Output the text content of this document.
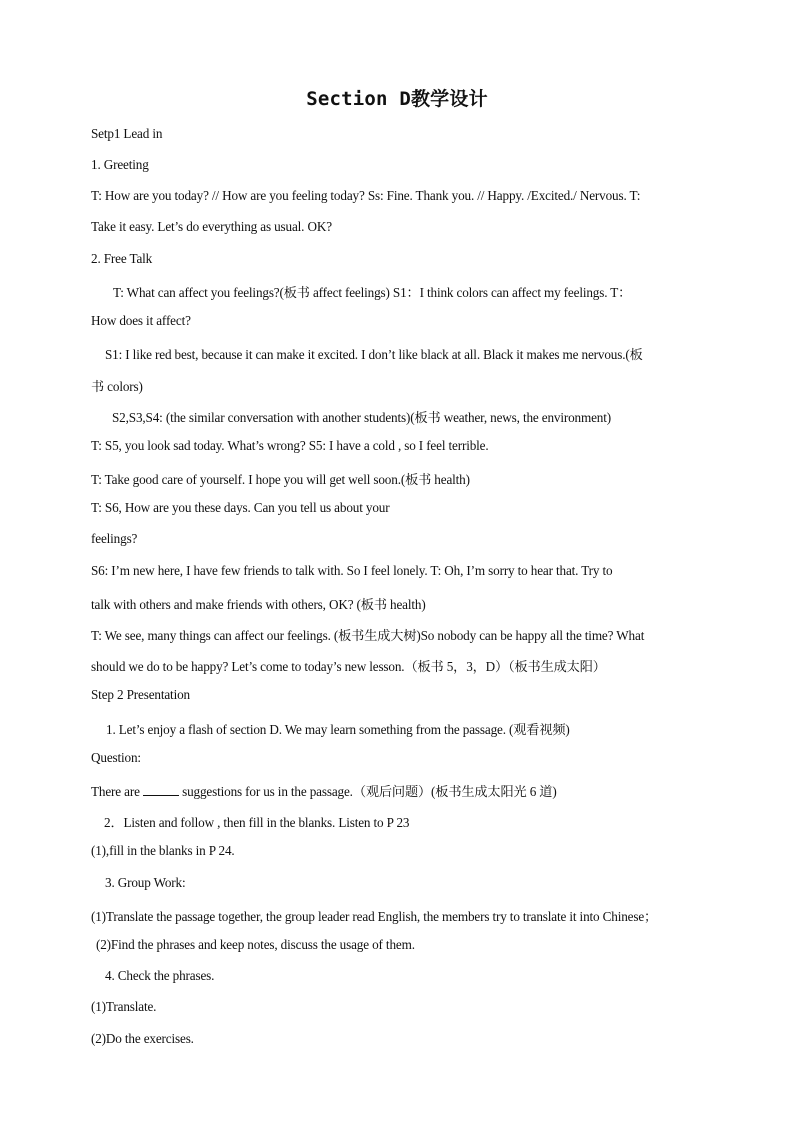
Section D教学设计
Setp1 Lead in
1. Greeting
T: How are you today? // How are you feeling today? Ss: Fine. Thank you. // Happy. /Excited./ Nervous. T:
Take it easy. Let’s do everything as usual. OK?
2. Free Talk
T: What can affect you feelings?(板书 affect feelings) S1：I think colors can affect my feelings. T：
How does it affect?
S1: I like red best, because it can make it excited. I don’t like black at all. Black it makes me nervous.(板
书 colors)
S2,S3,S4: (the similar conversation with another students)(板书 weather, news, the environment)
T: S5, you look sad today. What’s wrong? S5: I have a cold , so I feel terrible.
T: Take good care of yourself. I hope you will get well soon.(板书 health)
T: S6, How are you these days. Can you tell us about your
feelings?
S6: I’m new here, I have few friends to talk with. So I feel lonely. T: Oh, I’m sorry to hear that. Try to
talk with others and make friends with others, OK? (板书 health)
T: We see, many things can affect our feelings. (板书生成大树)So nobody can be happy all the time? What
should we do to be happy? Let’s come to today’s new lesson.（板书 5，3，D）（板书生成太阳）
Step 2 Presentation
1. Let’s enjoy a flash of section D. We may learn something from the passage. (观看视频)
Question:
There are	suggestions for us in the passage.（观后问题）(板书生成太阳光 6 道)
2．Listen and follow , then fill in the blanks. Listen to P 23
(1),fill in the blanks in P 24.
3. Group Work:
(1)Translate the passage together, the group leader read English, the members try to translate it into Chinese；
(2)Find the phrases and keep notes, discuss the usage of them.
4. Check the phrases.
(1)Translate.
(2)Do the exercises.
